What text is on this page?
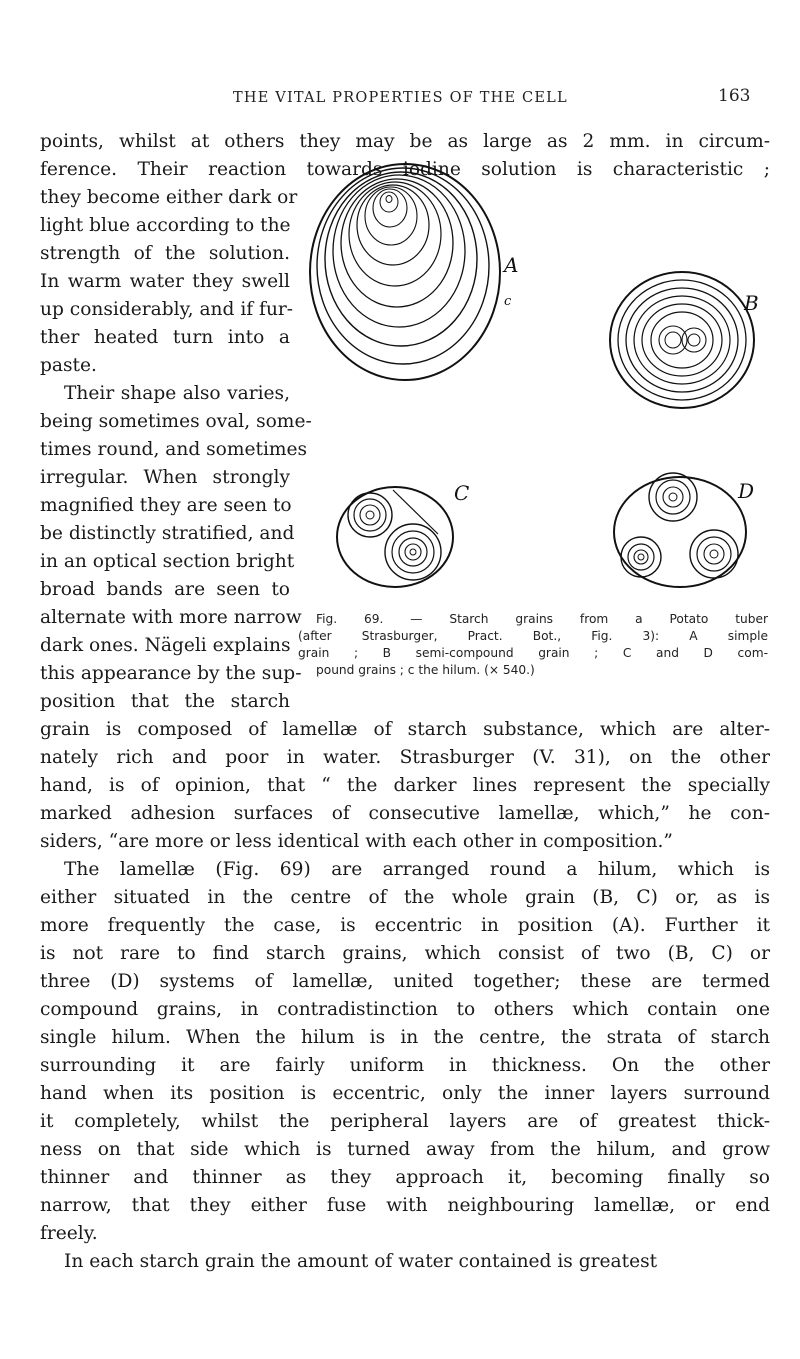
THE VITAL PROPERTIES OF THE CELL	163
points, whilst at others they may be as large as 2 mm. in circum-
ference. Their reaction towards iodine solution is characteristic ;
they become either dark or
light blue according to the
strength of the solution.
In warm water they swell
up considerably, and if fur-
ther heated turn into a
paste.
Their shape also varies,
being sometimes oval, some-
times round, and sometimes
irregular. When strongly
magnified they are seen to
be distinctly stratified, and
in an optical section bright
broad bands are seen to
alternate with more narrow
dark ones. Nägeli explains
this appearance by the sup-
position that the starch
grain is composed of lamellæ of starch substance, which are alter-
nately rich and poor in water. Strasburger (V. 31), on the other
hand, is of opinion, that “ the darker lines represent the specially
marked adhesion surfaces of consecutive lamellæ, which,” he con-
siders, “are more or less identical with each other in composition.”
The lamellæ (Fig. 69) are arranged round a hilum, which is
either situated in the centre of the whole grain (B, C) or, as is
more frequently the case, is eccentric in position (A). Further it
is not rare to find starch grains, which consist of two (B, C) or
three (D) systems of lamellæ, united together; these are termed
compound grains, in contradistinction to others which contain one
single hilum. When the hilum is in the centre, the strata of starch
surrounding it are fairly uniform in thickness. On the other
hand when its position is eccentric, only the inner layers surround
it completely, whilst the peripheral layers are of greatest thick-
ness on that side which is turned away from the hilum, and grow
thinner and thinner as they approach it, becoming finally so
narrow, that they either fuse with neighbouring lamellæ, or end
freely.
In each starch grain the amount of water contained is greatest
A
c	B
C	D
Fig. 69. — Starch grains from a Potato tuber
(after Strasburger, Pract. Bot., Fig. 3): A simple
grain ; B semi-compound grain ; C and D com-
pound grains ; c the hilum. (× 540.)
